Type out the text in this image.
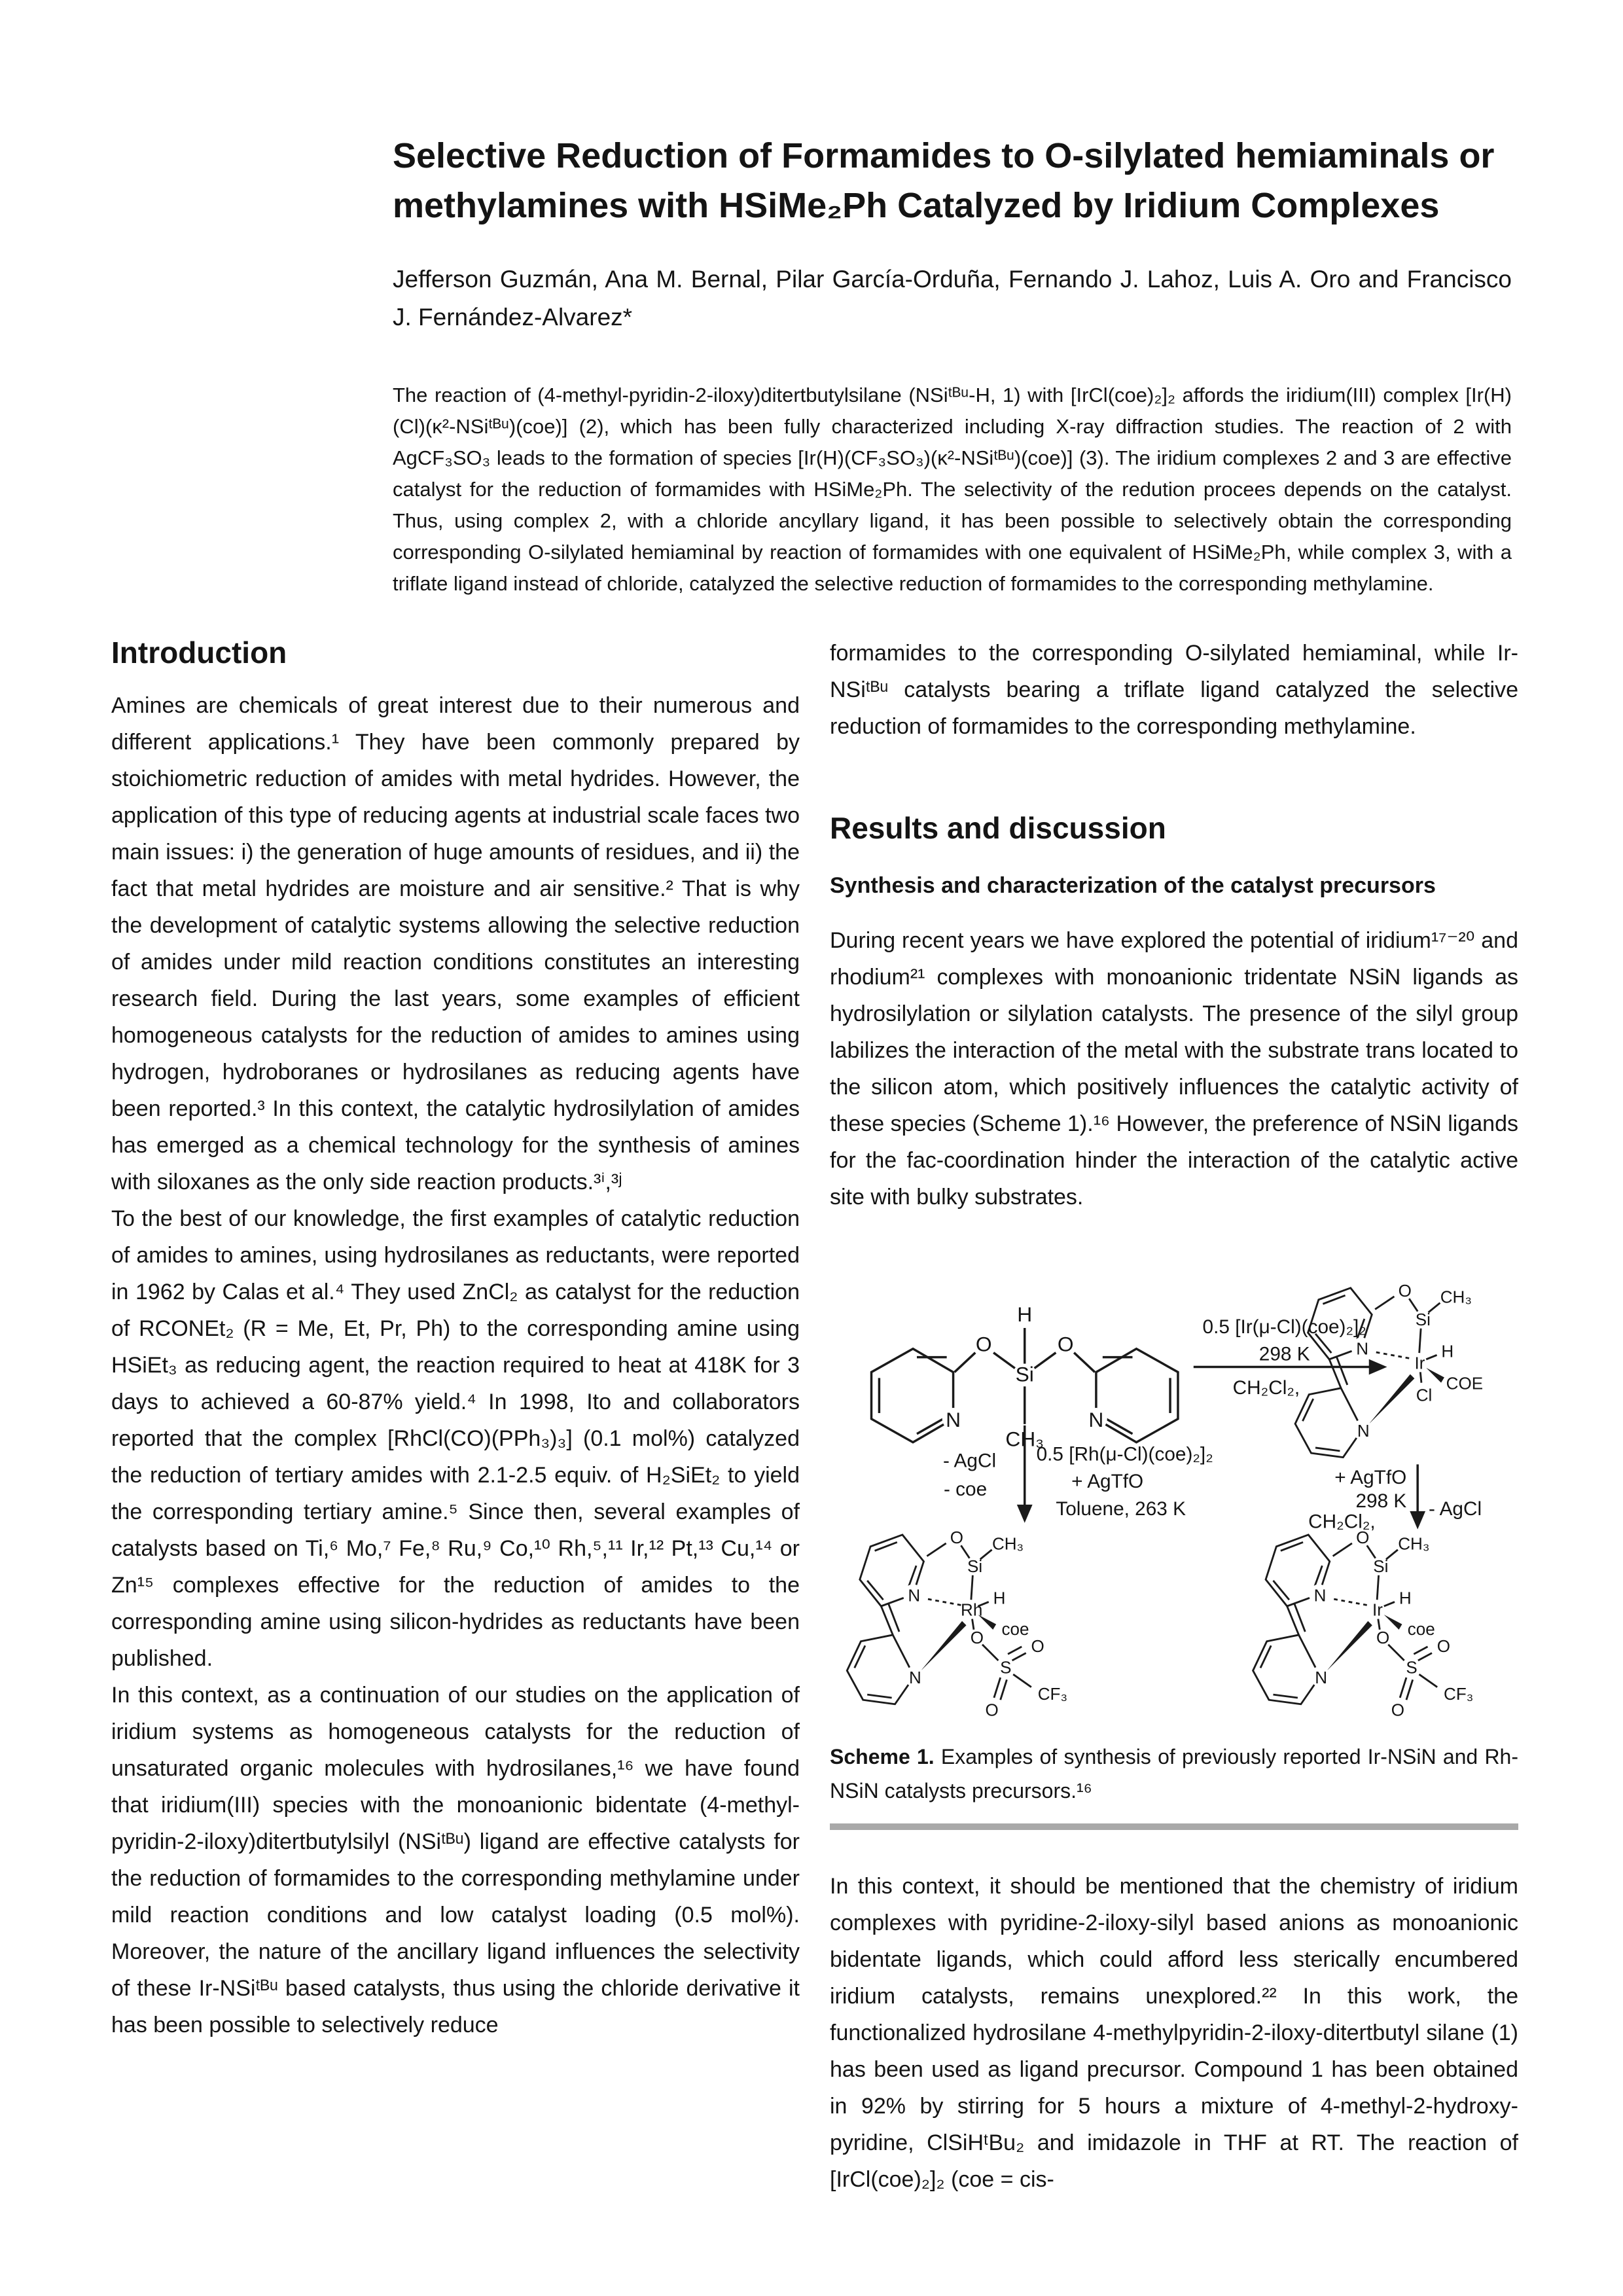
Selective Reduction of Formamides to O-silylated hemiaminals or methylamines with HSiMe₂Ph Catalyzed by Iridium Complexes

Jefferson Guzmán, Ana M. Bernal, Pilar García-Orduña, Fernando J. Lahoz, Luis A. Oro and Francisco J. Fernández-Alvarez*

The reaction of (4-methyl-pyridin-2-iloxy)ditertbutylsilane (NSiᵗᴮᵘ-H, 1) with [IrCl(coe)₂]₂ affords the iridium(III) complex [Ir(H)(Cl)(κ²-NSiᵗᴮᵘ)(coe)] (2), which has been fully characterized including X-ray diffraction studies. The reaction of 2 with AgCF₃SO₃ leads to the formation of species [Ir(H)(CF₃SO₃)(κ²-NSiᵗᴮᵘ)(coe)] (3). The iridium complexes 2 and 3 are effective catalyst for the reduction of formamides with HSiMe₂Ph. The selectivity of the redution procees depends on the catalyst. Thus, using complex 2, with a chloride ancyllary ligand, it has been possible to selectively obtain the corresponding corresponding O-silylated hemiaminal by reaction of formamides with one equivalent of HSiMe₂Ph, while complex 3, with a triflate ligand instead of chloride, catalyzed the selective reduction of formamides to the corresponding methylamine.

Introduction

Amines are chemicals of great interest due to their numerous and different applications.¹ They have been commonly prepared by stoichiometric reduction of amides with metal hydrides. However, the application of this type of reducing agents at industrial scale faces two main issues: i) the generation of huge amounts of residues, and ii) the fact that metal hydrides are moisture and air sensitive.² That is why the development of catalytic systems allowing the selective reduction of amides under mild reaction conditions constitutes an interesting research field. During the last years, some examples of efficient homogeneous catalysts for the reduction of amides to amines using hydrogen, hydroboranes or hydrosilanes as reducing agents have been reported.³ In this context, the catalytic hydrosilylation of amides has emerged as a chemical technology for the synthesis of amines with siloxanes as the only side reaction products.³ⁱ,³ʲ

To the best of our knowledge, the first examples of catalytic reduction of amides to amines, using hydrosilanes as reductants, were reported in 1962 by Calas et al.⁴ They used ZnCl₂ as catalyst for the reduction of RCONEt₂ (R = Me, Et, Pr, Ph) to the corresponding amine using HSiEt₃ as reducing agent, the reaction required to heat at 418K for 3 days to achieved a 60-87% yield.⁴ In 1998, Ito and collaborators reported that the complex [RhCl(CO)(PPh₃)₃] (0.1 mol%) catalyzed the reduction of tertiary amides with 2.1-2.5 equiv. of H₂SiEt₂ to yield the corresponding tertiary amine.⁵ Since then, several examples of catalysts based on Ti,⁶ Mo,⁷ Fe,⁸ Ru,⁹ Co,¹⁰ Rh,⁵,¹¹ Ir,¹² Pt,¹³ Cu,¹⁴ or Zn¹⁵ complexes effective for the reduction of amides to the corresponding amine using silicon-hydrides as reductants have been published.

In this context, as a continuation of our studies on the application of iridium systems as homogeneous catalysts for the reduction of unsaturated organic molecules with hydrosilanes,¹⁶ we have found that iridium(III) species with the monoanionic bidentate (4-methyl-pyridin-2-iloxy)ditertbutylsilyl (NSiᵗᴮᵘ) ligand are effective catalysts for the reduction of formamides to the corresponding methylamine under mild reaction conditions and low catalyst loading (0.5 mol%). Moreover, the nature of the ancillary ligand influences the selectivity of these Ir-NSiᵗᴮᵘ based catalysts, thus using the chloride derivative it has been possible to selectively reduce

formamides to the corresponding O-silylated hemiaminal, while Ir-NSiᵗᴮᵘ catalysts bearing a triflate ligand catalyzed the selective reduction of formamides to the corresponding methylamine.

Results and discussion
Synthesis and characterization of the catalyst precursors

During recent years we have explored the potential of iridium¹⁷⁻²⁰ and rhodium²¹ complexes with monoanionic tridentate NSiN ligands as hydrosilylation or silylation catalysts. The presence of the silyl group labilizes the interaction of the metal with the substrate trans located to the silicon atom, which positively influences the catalytic activity of these species (Scheme 1).¹⁶ However, the preference of NSiN ligands for the fac-coordination hinder the interaction of the catalytic active site with bulky substrates.

H
Si
O	O
CH₃
N	N
0.5 [Ir(μ-Cl)(coe)₂]₂
298 K
CH₂Cl₂,
- AgCl
- coe
0.5 [Rh(μ-Cl)(coe)₂]₂
+ AgTfO
Toluene, 263 K
+ AgTfO
298 K
CH₂Cl₂,
- AgCl
O
Si
CH₃
Ir
H
COE
Cl
N
N
O
Si
CH₃
Rh
H
coe
N
N
O
S
O
O
CF₃
O
Si
CH₃
Ir
H
coe
N
N
O
S
O
O
CF₃

Scheme 1. Examples of synthesis of previously reported Ir-NSiN and Rh-NSiN catalysts precursors.¹⁶

In this context, it should be mentioned that the chemistry of iridium complexes with pyridine-2-iloxy-silyl based anions as monoanionic bidentate ligands, which could afford less sterically encumbered iridium catalysts, remains unexplored.²² In this work, the functionalized hydrosilane 4-methylpyridin-2-iloxy-ditertbutyl silane (1) has been used as ligand precursor. Compound 1 has been obtained in 92% by stirring for 5 hours a mixture of 4-methyl-2-hydroxy-pyridine, ClSiHᵗBu₂ and imidazole in THF at RT. The reaction of [IrCl(coe)₂]₂ (coe = cis-
